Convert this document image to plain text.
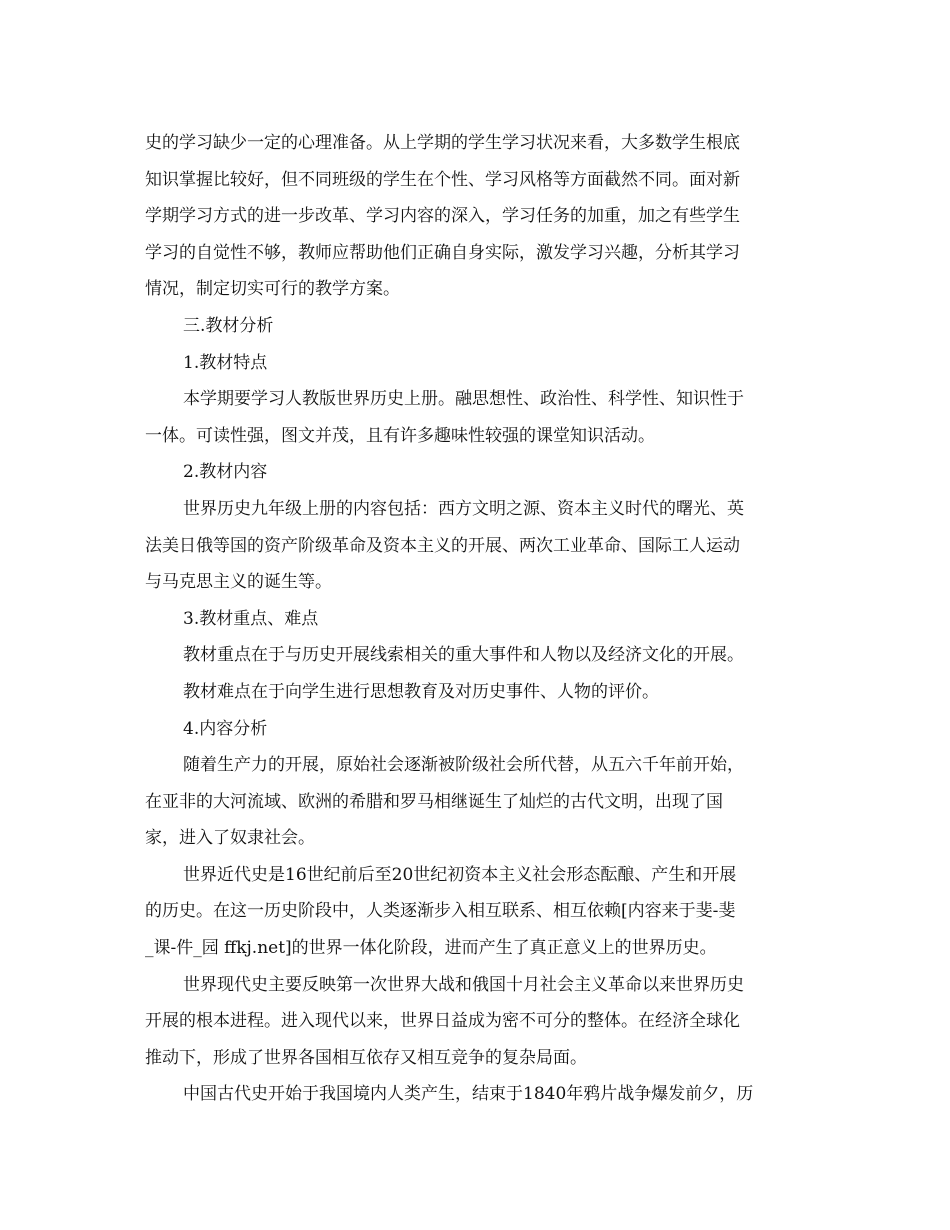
史的学习缺少一定的心理准备。从上学期的学生学习状况来看，大多数学生根底
知识掌握比较好，但不同班级的学生在个性、学习风格等方面截然不同。面对新
学期学习方式的进一步改革、学习内容的深入，学习任务的加重，加之有些学生
学习的自觉性不够，教师应帮助他们正确自身实际，激发学习兴趣，分析其学习
情况，制定切实可行的教学方案。
三.教材分析
1.教材特点
本学期要学习人教版世界历史上册。融思想性、政治性、科学性、知识性于
一体。可读性强，图文并茂，且有许多趣味性较强的课堂知识活动。
2.教材内容
世界历史九年级上册的内容包括：西方文明之源、资本主义时代的曙光、英
法美日俄等国的资产阶级革命及资本主义的开展、两次工业革命、国际工人运动
与马克思主义的诞生等。
3.教材重点、难点
教材重点在于与历史开展线索相关的重大事件和人物以及经济文化的开展。
教材难点在于向学生进行思想教育及对历史事件、人物的评价。
4.内容分析
随着生产力的开展，原始社会逐渐被阶级社会所代替，从五六千年前开始，
在亚非的大河流域、欧洲的希腊和罗马相继诞生了灿烂的古代文明，出现了国
家，进入了奴隶社会。
世界近代史是16世纪前后至20世纪初资本主义社会形态酝酿、产生和开展
的历史。在这一历史阶段中，人类逐渐步入相互联系、相互依赖[内容来于斐-斐
_课-件_园 ffkj.net]的世界一体化阶段，进而产生了真正意义上的世界历史。
世界现代史主要反映第一次世界大战和俄国十月社会主义革命以来世界历史
开展的根本进程。进入现代以来，世界日益成为密不可分的整体。在经济全球化
推动下，形成了世界各国相互依存又相互竞争的复杂局面。
中国古代史开始于我国境内人类产生，结束于1840年鸦片战争爆发前夕，历
